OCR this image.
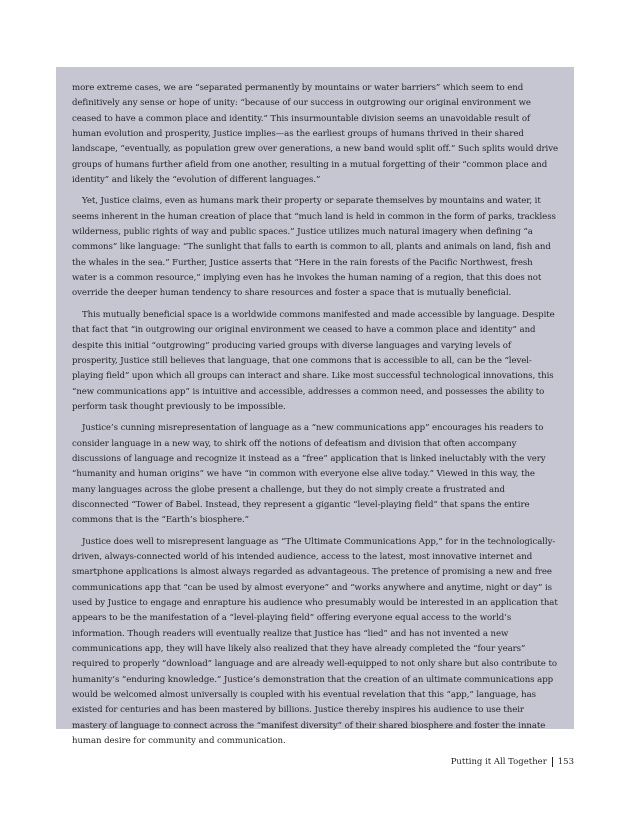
more extreme cases, we are “separated permanently by mountains or water barriers” which seem to end definitively any sense or hope of unity: “because of our success in outgrowing our original environment we ceased to have a common place and identity.” This insurmountable division seems an unavoidable result of human evolution and prosperity, Justice implies—as the earliest groups of humans thrived in their shared landscape, “eventually, as population grew over generations, a new band would split off.” Such splits would drive groups of humans further afield from one another, resulting in a mutual forgetting of their “common place and identity” and likely the “evolution of different languages.”

Yet, Justice claims, even as humans mark their property or separate themselves by mountains and water, it seems inherent in the human creation of place that “much land is held in common in the form of parks, trackless wilderness, public rights of way and public spaces.” Justice utilizes much natural imagery when defining “a commons” like language: “The sunlight that falls to earth is common to all, plants and animals on land, fish and the whales in the sea.” Further, Justice asserts that “Here in the rain forests of the Pacific Northwest, fresh water is a common resource,” implying even has he invokes the human naming of a region, that this does not override the deeper human tendency to share resources and foster a space that is mutually beneficial.

This mutually beneficial space is a worldwide commons manifested and made accessible by language. Despite that fact that “in outgrowing our original environment we ceased to have a common place and identity” and despite this initial “outgrowing” producing varied groups with diverse languages and varying levels of prosperity, Justice still believes that language, that one commons that is accessible to all, can be the “level-playing field” upon which all groups can interact and share. Like most successful technological innovations, this “new communications app” is intuitive and accessible, addresses a common need, and possesses the ability to perform task thought previously to be impossible.

Justice’s cunning misrepresentation of language as a “new communications app” encourages his readers to consider language in a new way, to shirk off the notions of defeatism and division that often accompany discussions of language and recognize it instead as a “free” application that is linked ineluctably with the very “humanity and human origins” we have “in common with everyone else alive today.” Viewed in this way, the many languages across the globe present a challenge, but they do not simply create a frustrated and disconnected “Tower of Babel. Instead, they represent a gigantic “level-playing field” that spans the entire commons that is the “Earth’s biosphere.”

Justice does well to misrepresent language as “The Ultimate Communications App,” for in the technologically-driven, always-connected world of his intended audience, access to the latest, most innovative internet and smartphone applications is almost always regarded as advantageous. The pretence of promising a new and free communications app that “can be used by almost everyone” and “works anywhere and anytime, night or day” is used by Justice to engage and enrapture his audience who presumably would be interested in an application that appears to be the manifestation of a “level-playing field” offering everyone equal access to the world’s information. Though readers will eventually realize that Justice has “lied” and has not invented a new communications app, they will have likely also realized that they have already completed the “four years” required to properly “download” language and are already well-equipped to not only share but also contribute to humanity’s “enduring knowledge.” Justice’s demonstration that the creation of an ultimate communications app would be welcomed almost universally is coupled with his eventual revelation that this “app,” language, has existed for centuries and has been mastered by billions. Justice thereby inspires his audience to use their mastery of language to connect across the “manifest diversity” of their shared biosphere and foster the innate human desire for community and communication.

Putting it All Together 153
